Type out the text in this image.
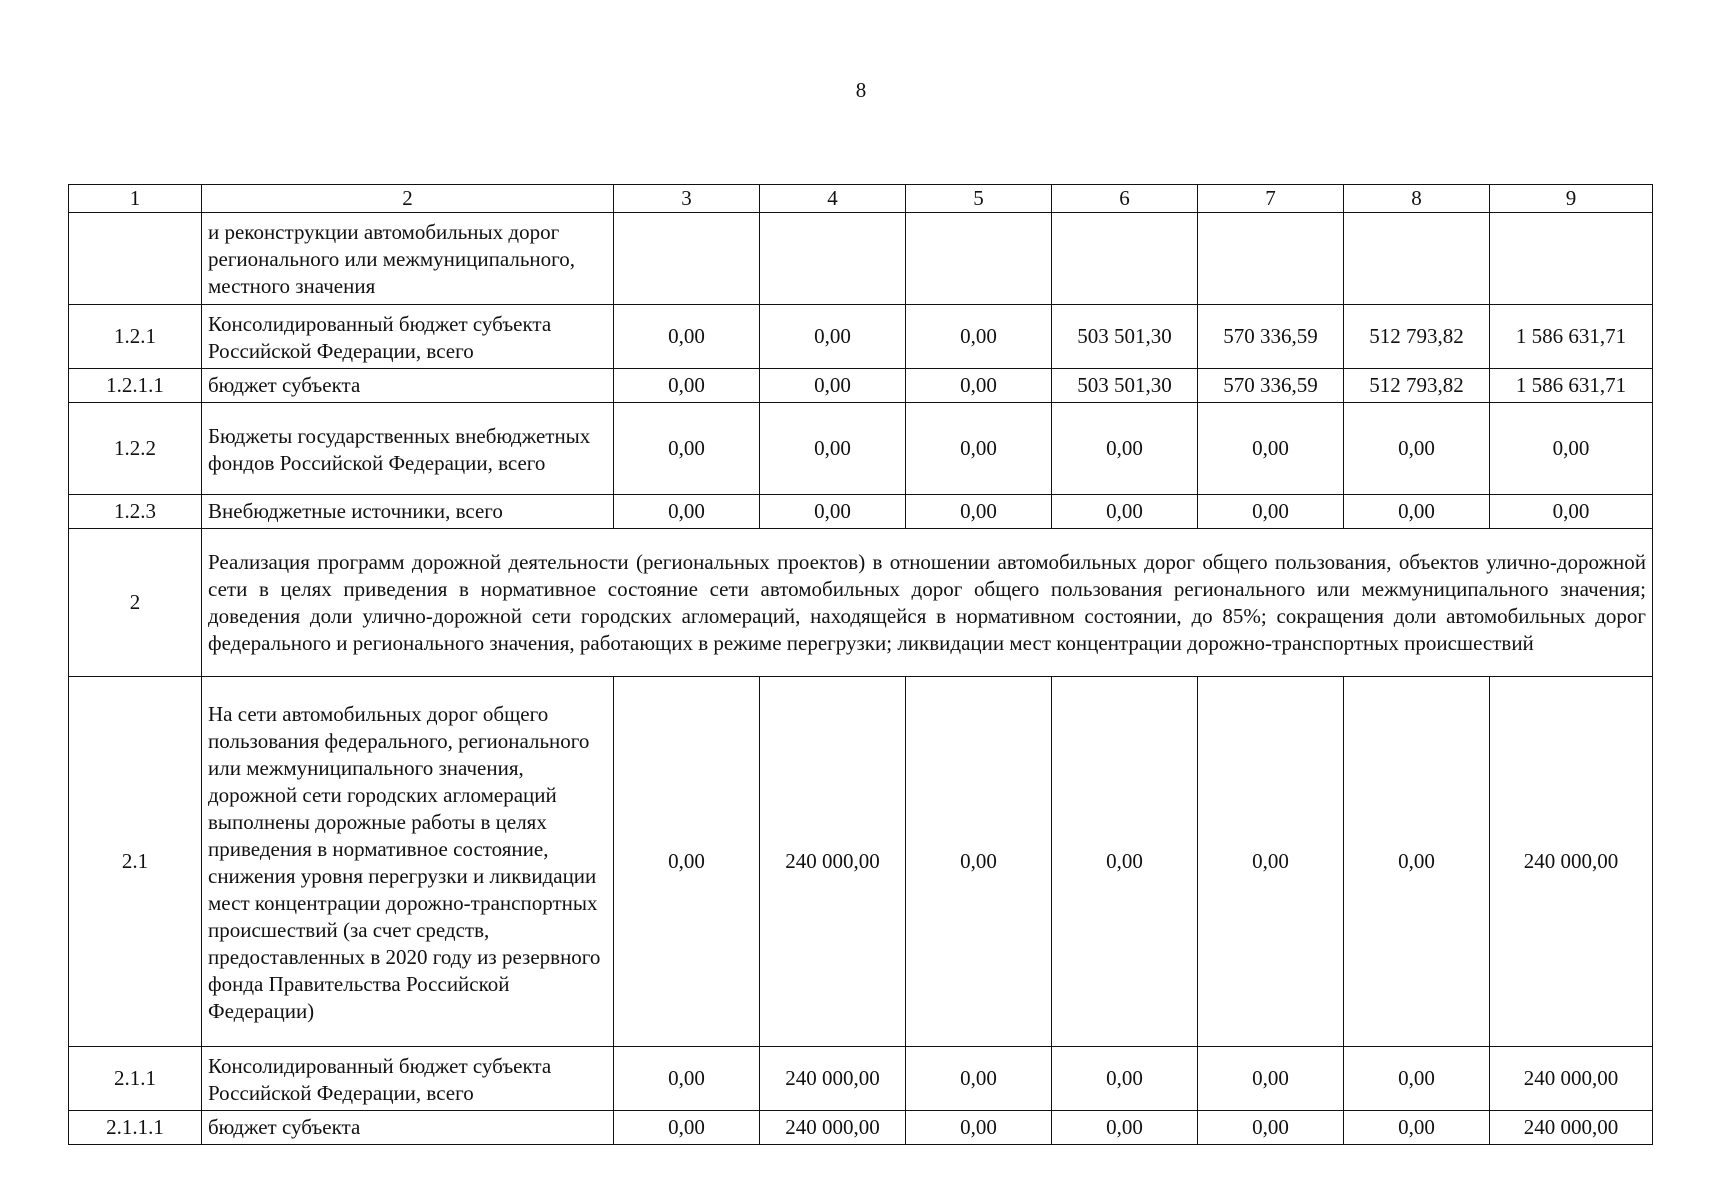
8
1	2	3	4	5	6	7	8	9
	и реконструкции автомобильных дорог регионального или межмуниципального, местного значения							
1.2.1	Консолидированный бюджет субъекта Российской Федерации, всего	0,00	0,00	0,00	503 501,30	570 336,59	512 793,82	1 586 631,71
1.2.1.1	бюджет субъекта	0,00	0,00	0,00	503 501,30	570 336,59	512 793,82	1 586 631,71
1.2.2	Бюджеты государственных внебюджетных фондов Российской Федерации, всего	0,00	0,00	0,00	0,00	0,00	0,00	0,00
1.2.3	Внебюджетные источники, всего	0,00	0,00	0,00	0,00	0,00	0,00	0,00
2	Реализация программ дорожной деятельности (региональных проектов) в отношении автомобильных дорог общего пользования, объектов улично-дорожной сети в целях приведения в нормативное состояние сети автомобильных дорог общего пользования регионального или межмуниципального значения; доведения доли улично-дорожной сети городских агломераций, находящейся в нормативном состоянии, до 85%; сокращения доли автомобильных дорог федерального и регионального значения, работающих в режиме перегрузки; ликвидации мест концентрации дорожно-транспортных происшествий							
2.1	На сети автомобильных дорог общего пользования федерального, регионального или межмуниципального значения, дорожной сети городских агломераций выполнены дорожные работы в целях приведения в нормативное состояние, снижения уровня перегрузки и ликвидации мест концентрации дорожно-транспортных происшествий (за счет средств, предоставленных в 2020 году из резервного фонда Правительства Российской Федерации)	0,00	240 000,00	0,00	0,00	0,00	0,00	240 000,00
2.1.1	Консолидированный бюджет субъекта Российской Федерации, всего	0,00	240 000,00	0,00	0,00	0,00	0,00	240 000,00
2.1.1.1	бюджет субъекта	0,00	240 000,00	0,00	0,00	0,00	0,00	240 000,00
